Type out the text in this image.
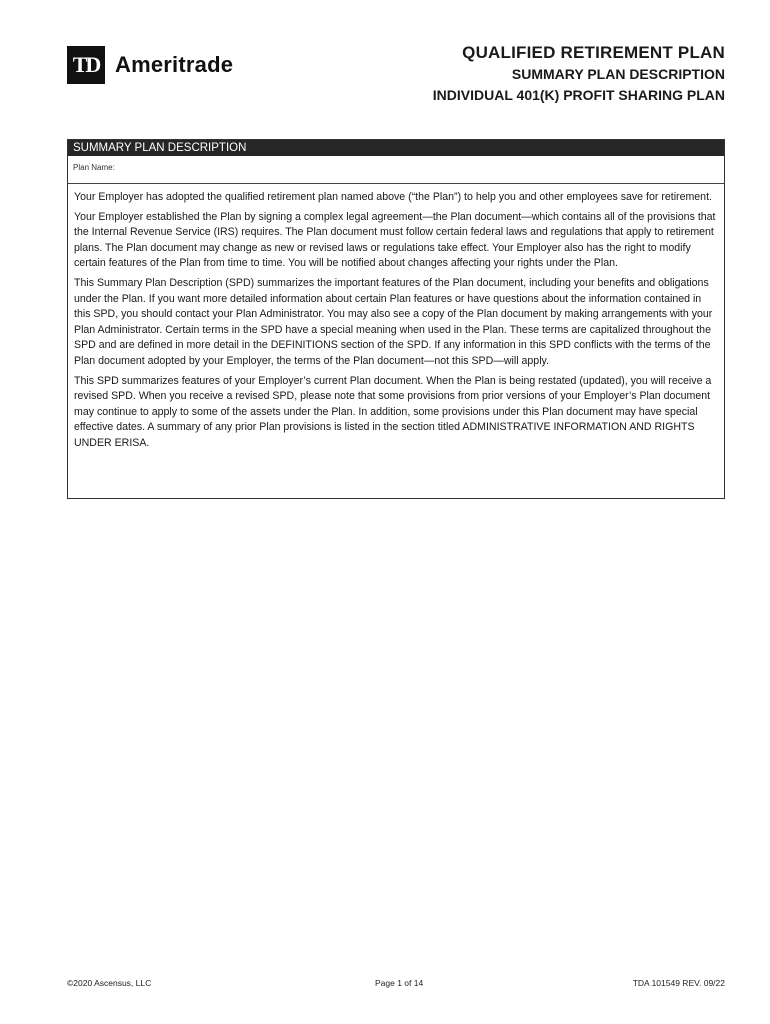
TD Ameritrade	QUALIFIED RETIREMENT PLAN
SUMMARY PLAN DESCRIPTION
INDIVIDUAL 401(K) PROFIT SHARING PLAN
SUMMARY PLAN DESCRIPTION
Plan Name:

Your Employer has adopted the qualified retirement plan named above (“the Plan”) to help you and other employees save for retirement.

Your Employer established the Plan by signing a complex legal agreement—the Plan document—which contains all of the provisions that the Internal Revenue Service (IRS) requires. The Plan document must follow certain federal laws and regulations that apply to retirement plans. The Plan document may change as new or revised laws or regulations take effect. Your Employer also has the right to modify certain features of the Plan from time to time. You will be notified about changes affecting your rights under the Plan.

This Summary Plan Description (SPD) summarizes the important features of the Plan document, including your benefits and obligations under the Plan. If you want more detailed information about certain Plan features or have questions about the information contained in this SPD, you should contact your Plan Administrator. You may also see a copy of the Plan document by making arrangements with your Plan Administrator. Certain terms in the SPD have a special meaning when used in the Plan. These terms are capitalized throughout the SPD and are defined in more detail in the DEFINITIONS section of the SPD. If any information in this SPD conflicts with the terms of the Plan document adopted by your Employer, the terms of the Plan document—not this SPD—will apply.

This SPD summarizes features of your Employer’s current Plan document. When the Plan is being restated (updated), you will receive a revised SPD. When you receive a revised SPD, please note that some provisions from prior versions of your Employer’s Plan document may continue to apply to some of the assets under the Plan. In addition, some provisions under this Plan document may have special effective dates. A summary of any prior Plan provisions is listed in the section titled ADMINISTRATIVE INFORMATION AND RIGHTS UNDER ERISA.

©2020 Ascensus, LLC	Page 1 of 14	TDA 101549 REV. 09/22
